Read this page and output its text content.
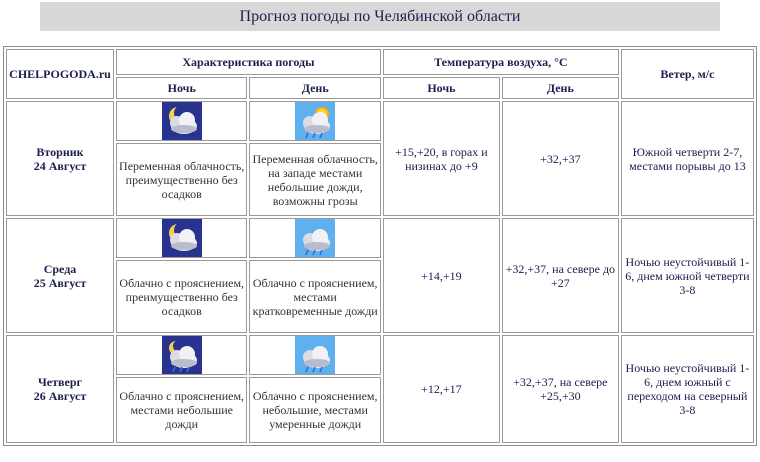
Прогноз погоды по Челябинской области
CHELPOGODA.ru	Характеристика погоды		Температура воздуха, °С		Ветер, м/с
	Ночь	День	Ночь	День	
Вторник
24 Август			+15,+20, в горах и низинах до +9	+32,+37	Южной четверти 2-7, местами порывы до 13
	Переменная облачность, преимущественно без осадков	Переменная облачность, на западе местами небольшие дожди, возможны грозы			
Среда
25 Август			+14,+19	+32,+37, на севере до +27	Ночью неустойчивый 1-6, днем южной четверти 3-8
	Облачно с прояснением, преимущественно без осадков	Облачно с прояснением, местами кратковременные дожди			
Четверг
26 Август			+12,+17	+32,+37, на севере +25,+30	Ночью неустойчивый 1-6, днем южный с переходом на северный 3-8
	Облачно с прояснением, местами небольшие дожди	Облачно с прояснением, небольшие, местами умеренные дожди			
